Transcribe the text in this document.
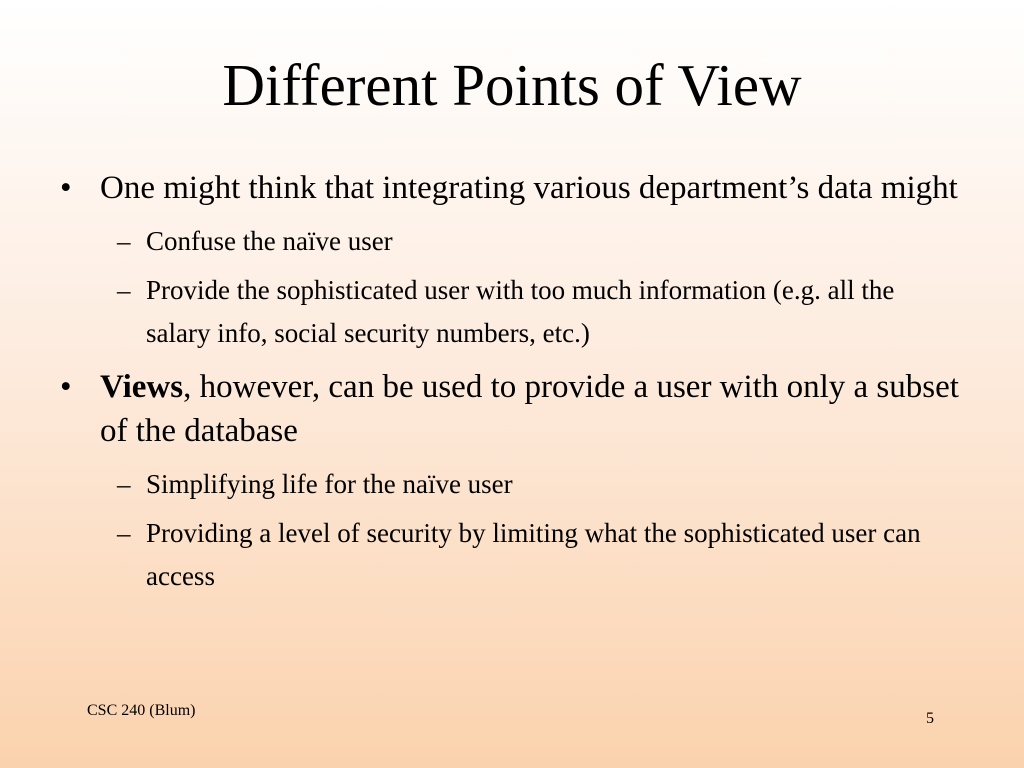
Different Points of View
• One might think that integrating various department’s data might
– Confuse the naïve user
– Provide the sophisticated user with too much information (e.g. all the salary info, social security numbers, etc.)
• Views, however, can be used to provide a user with only a subset of the database
– Simplifying life for the naïve user
– Providing a level of security by limiting what the sophisticated user can access
CSC 240 (Blum)	5
